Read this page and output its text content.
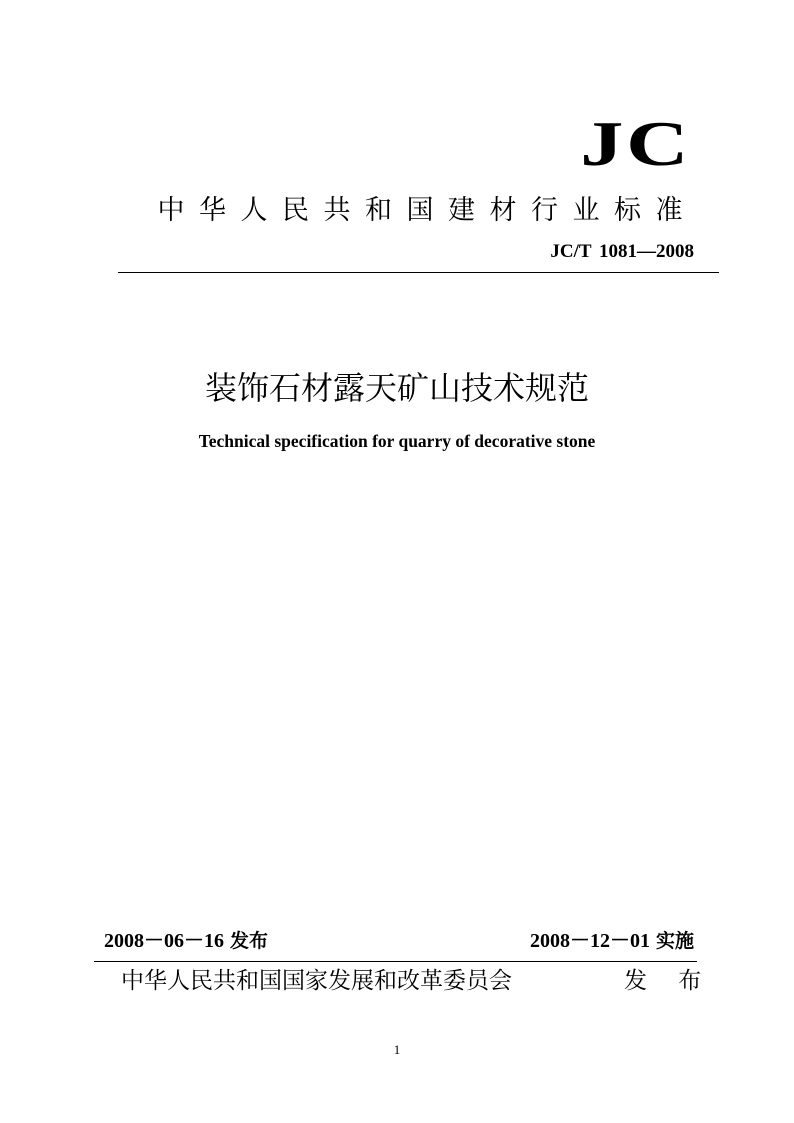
JC
中华人民共和国建材行业标准
JC/T 1081—2008
装饰石材露天矿山技术规范
Technical specification for quarry of decorative stone
2008－06－16 发布	2008－12－01 实施
中华人民共和国国家发展和改革委员会	发 布
1
